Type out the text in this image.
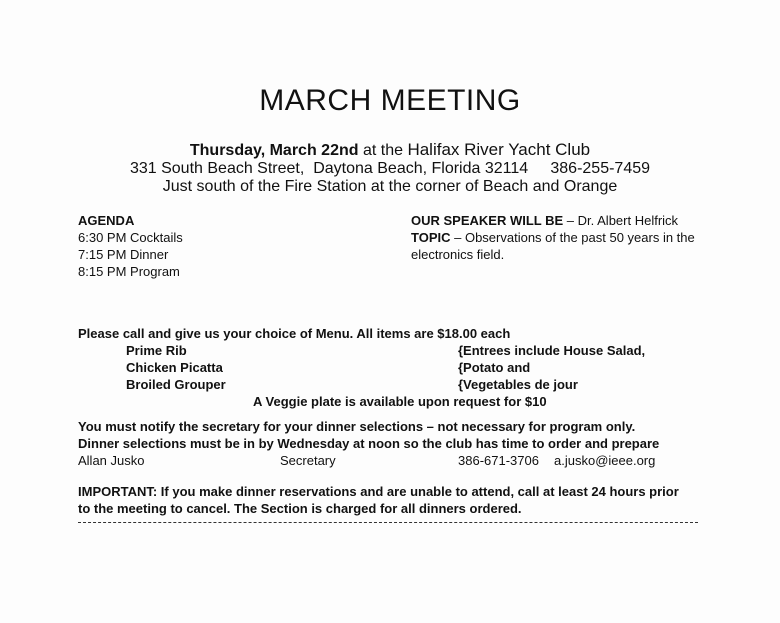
MARCH MEETING
Thursday, March 22nd at the Halifax River Yacht Club
331 South Beach Street,  Daytona Beach, Florida 32114     386-255-7459
Just south of the Fire Station at the corner of Beach and Orange
AGENDA
6:30 PM Cocktails
7:15 PM Dinner
8:15 PM Program
OUR SPEAKER WILL BE – Dr. Albert Helfrick
TOPIC – Observations of the past 50 years in the electronics field.
Please call and give us your choice of Menu. All items are $18.00 each
Prime Rib	{Entrees include House Salad,
Chicken Picatta	{Potato and
Broiled Grouper	{Vegetables de jour
A Veggie plate is available upon request for $10
You must notify the secretary for your dinner selections – not necessary for program only.
Dinner selections must be in by Wednesday at noon so the club has time to order and prepare
Allan Jusko	Secretary	386-671-3706 a.jusko@ieee.org
IMPORTANT: If you make dinner reservations and are unable to attend, call at least 24 hours prior
to the meeting to cancel. The Section is charged for all dinners ordered.
